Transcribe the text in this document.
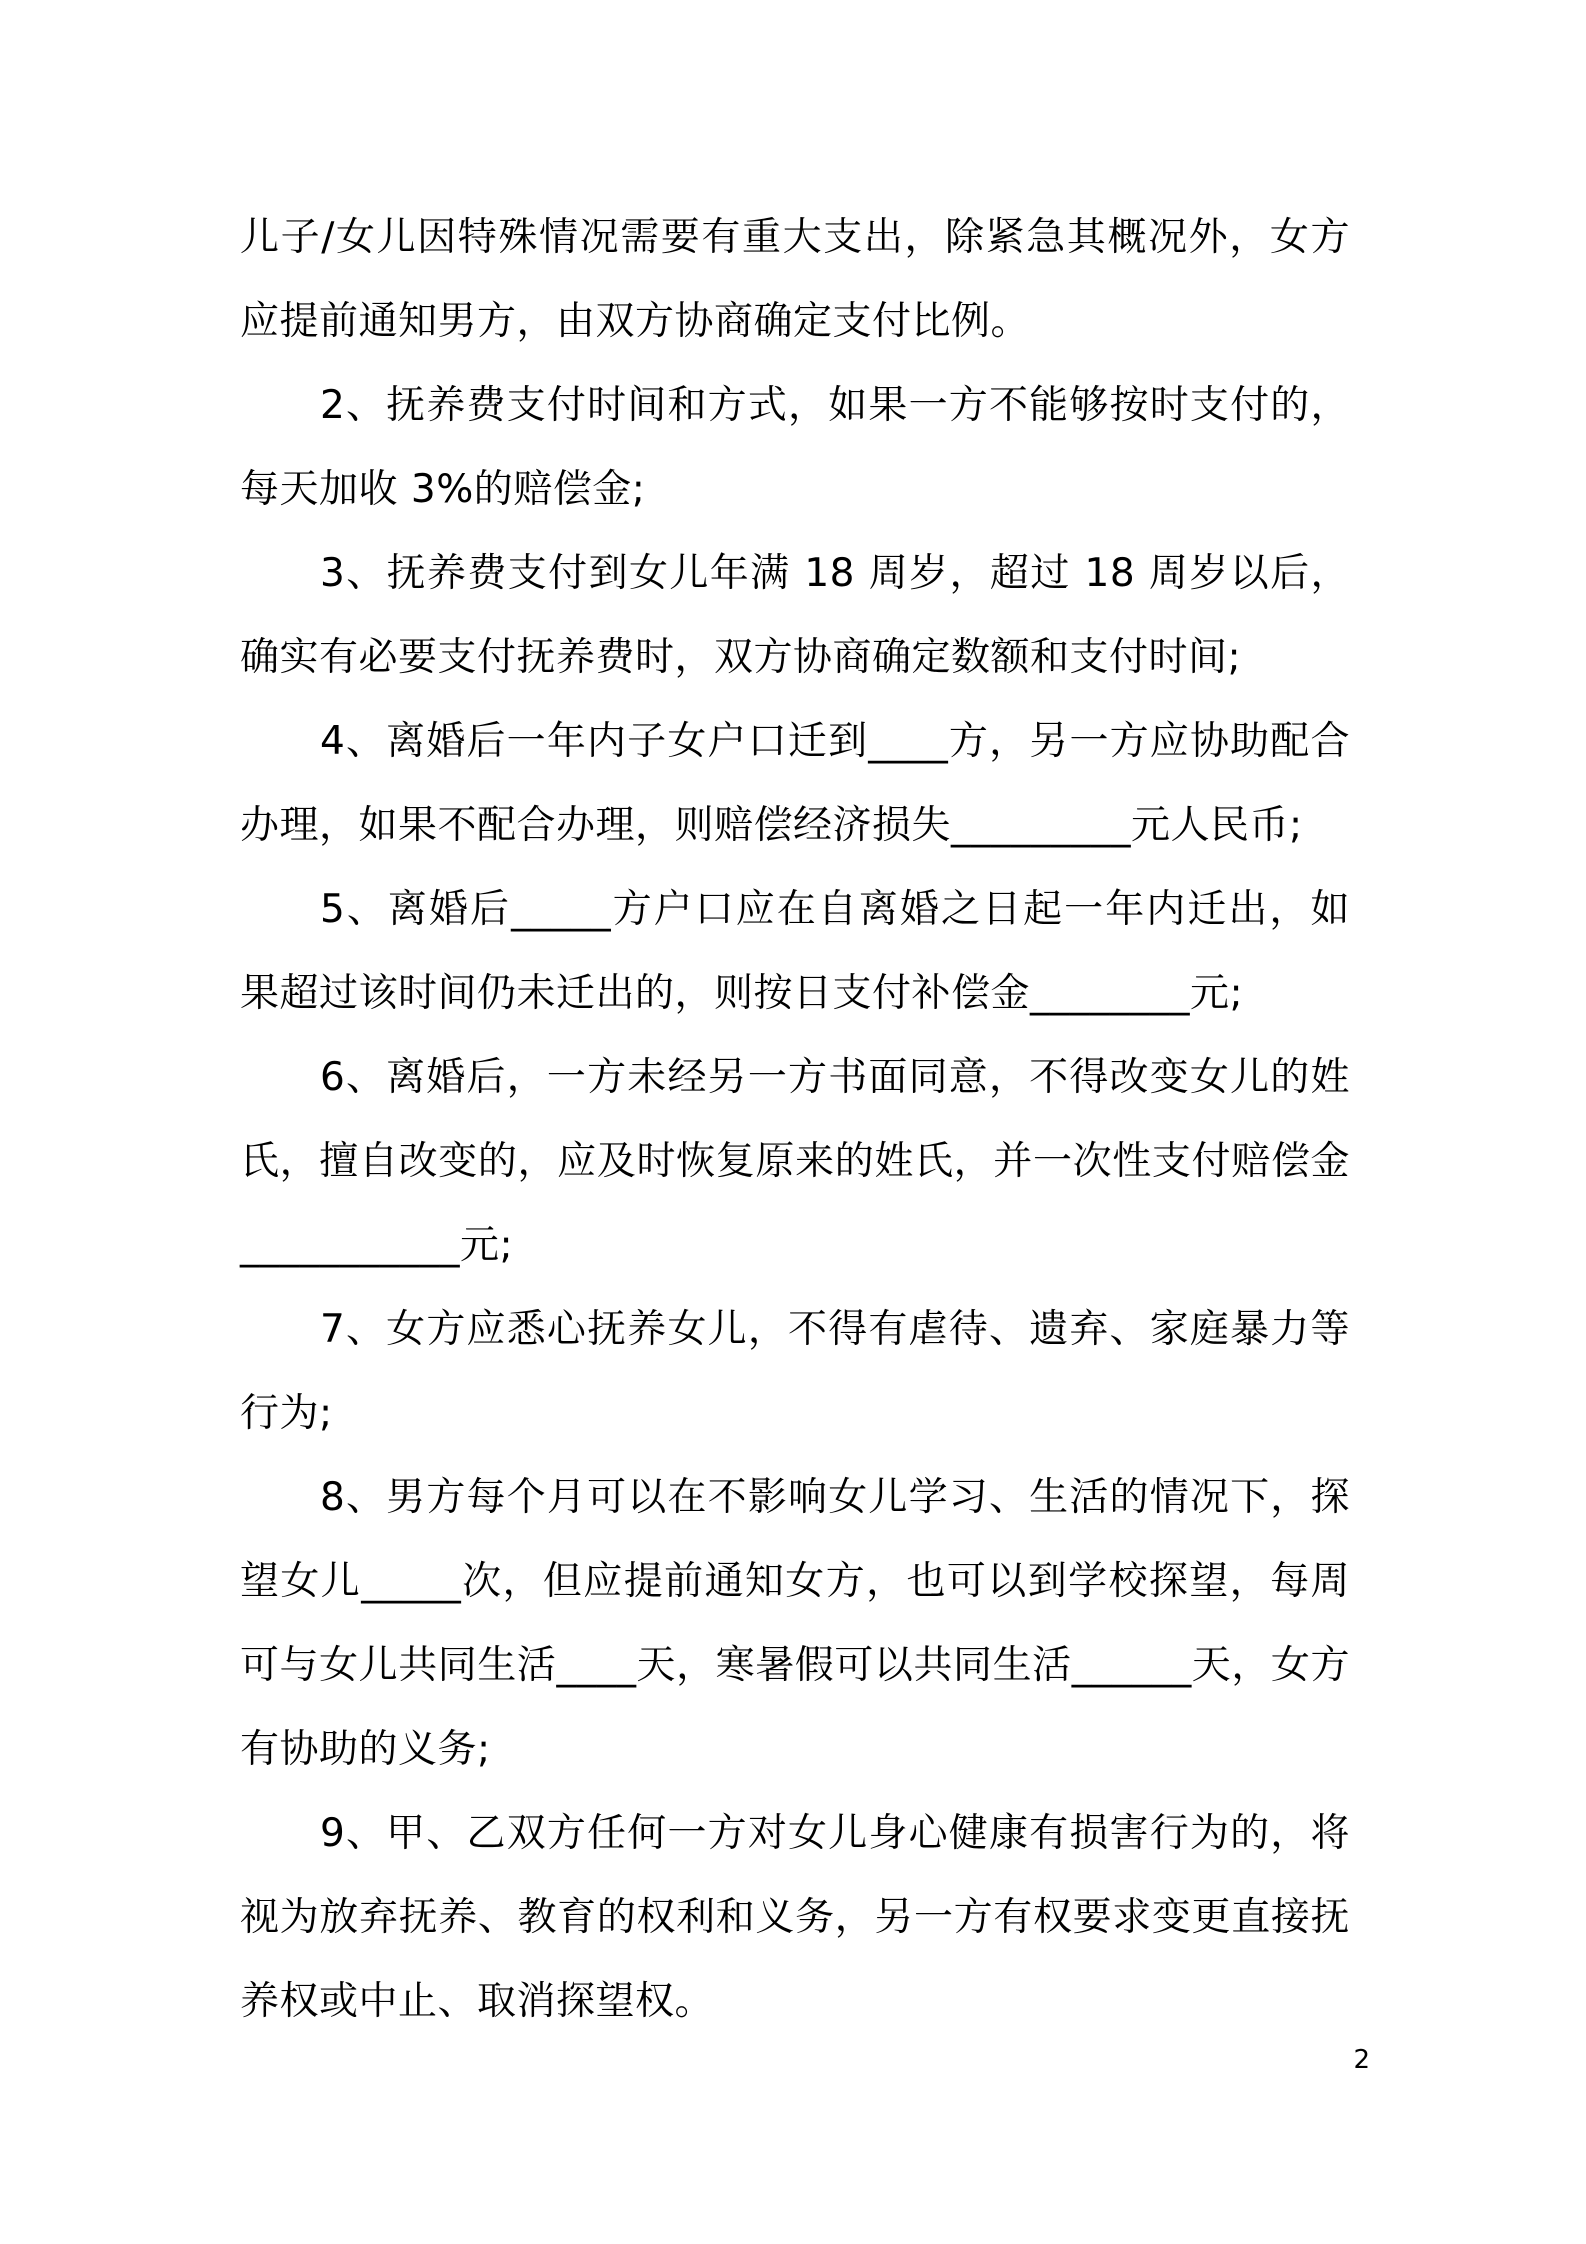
儿子/女儿因特殊情况需要有重大支出，除紧急其概况外，女方应提前通知男方，由双方协商确定支付比例。

2、抚养费支付时间和方式，如果一方不能够按时支付的，每天加收 3%的赔偿金;

3、抚养费支付到女儿年满 18 周岁，超过 18 周岁以后，确实有必要支付抚养费时，双方协商确定数额和支付时间;

4、离婚后一年内子女户口迁到____方，另一方应协助配合办理，如果不配合办理，则赔偿经济损失_________元人民币;

5、离婚后_____方户口应在自离婚之日起一年内迁出，如果超过该时间仍未迁出的，则按日支付补偿金________元;

6、离婚后，一方未经另一方书面同意，不得改变女儿的姓氏，擅自改变的，应及时恢复原来的姓氏，并一次性支付赔偿金___________元;

7、女方应悉心抚养女儿，不得有虐待、遗弃、家庭暴力等行为;

8、男方每个月可以在不影响女儿学习、生活的情况下，探望女儿_____次，但应提前通知女方，也可以到学校探望，每周可与女儿共同生活____天，寒暑假可以共同生活______天，女方有协助的义务;

9、甲、乙双方任何一方对女儿身心健康有损害行为的，将视为放弃抚养、教育的权利和义务，另一方有权要求变更直接抚养权或中止、取消探望权。

2
